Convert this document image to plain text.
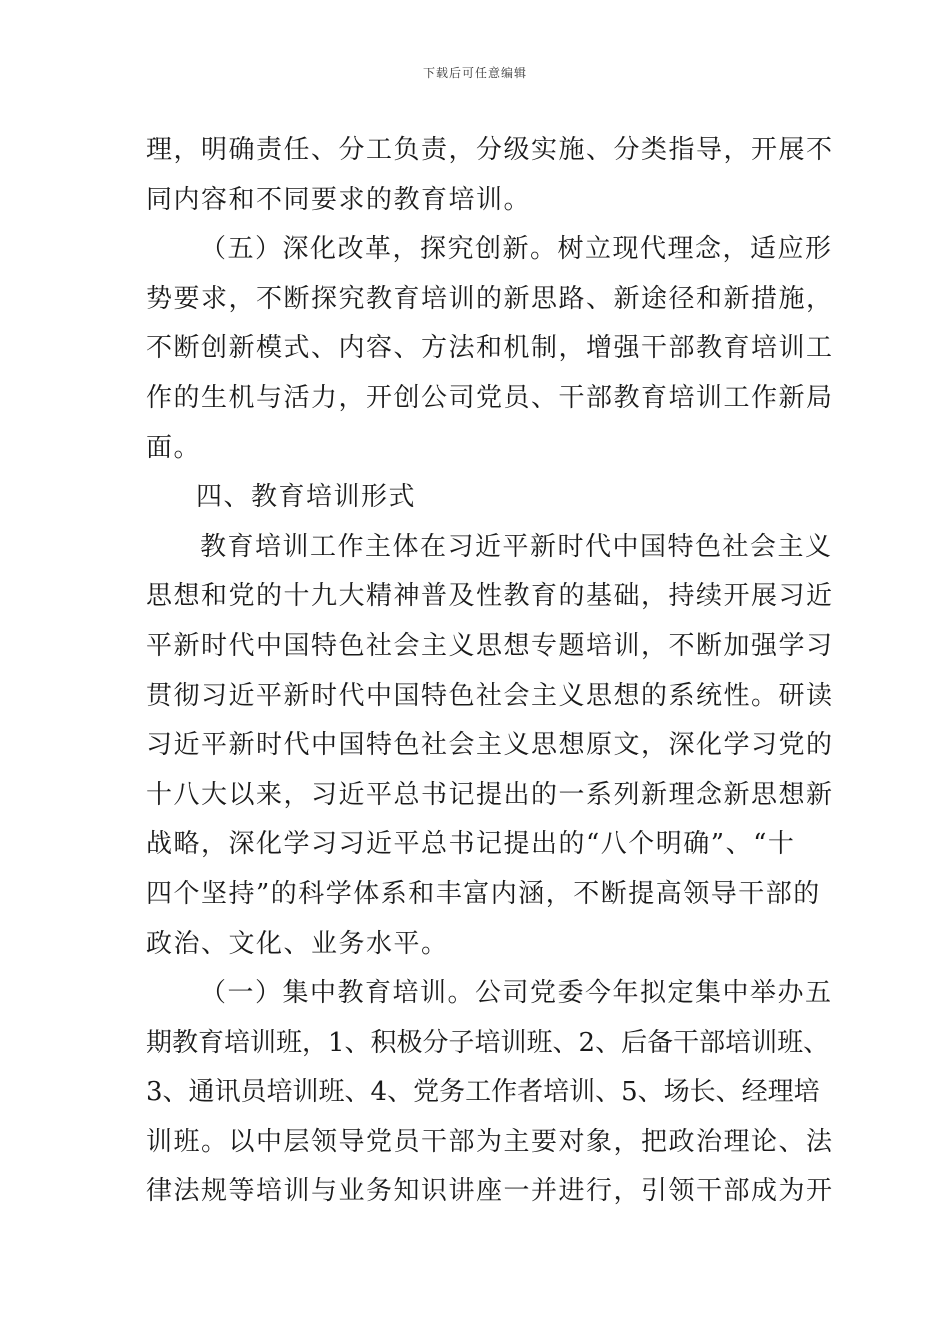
下载后可任意编辑
理，明确责任、分工负责，分级实施、分类指导，开展不
同内容和不同要求的教育培训。
（五）深化改革，探究创新。树立现代理念，适应形
势要求，不断探究教育培训的新思路、新途径和新措施，
不断创新模式、内容、方法和机制，增强干部教育培训工
作的生机与活力，开创公司党员、干部教育培训工作新局
面。
四、教育培训形式
教育培训工作主体在习近平新时代中国特色社会主义
思想和党的十九大精神普及性教育的基础，持续开展习近
平新时代中国特色社会主义思想专题培训，不断加强学习
贯彻习近平新时代中国特色社会主义思想的系统性。研读
习近平新时代中国特色社会主义思想原文，深化学习党的
十八大以来，习近平总书记提出的一系列新理念新思想新
战略，深化学习习近平总书记提出的“八个明确”、“十
四个坚持”的科学体系和丰富内涵，不断提高领导干部的
政治、文化、业务水平。
（一）集中教育培训。公司党委今年拟定集中举办五
期教育培训班，1、积极分子培训班、2、后备干部培训班、
3、通讯员培训班、4、党务工作者培训、5、场长、经理培
训班。以中层领导党员干部为主要对象，把政治理论、法
律法规等培训与业务知识讲座一并进行，引领干部成为开
